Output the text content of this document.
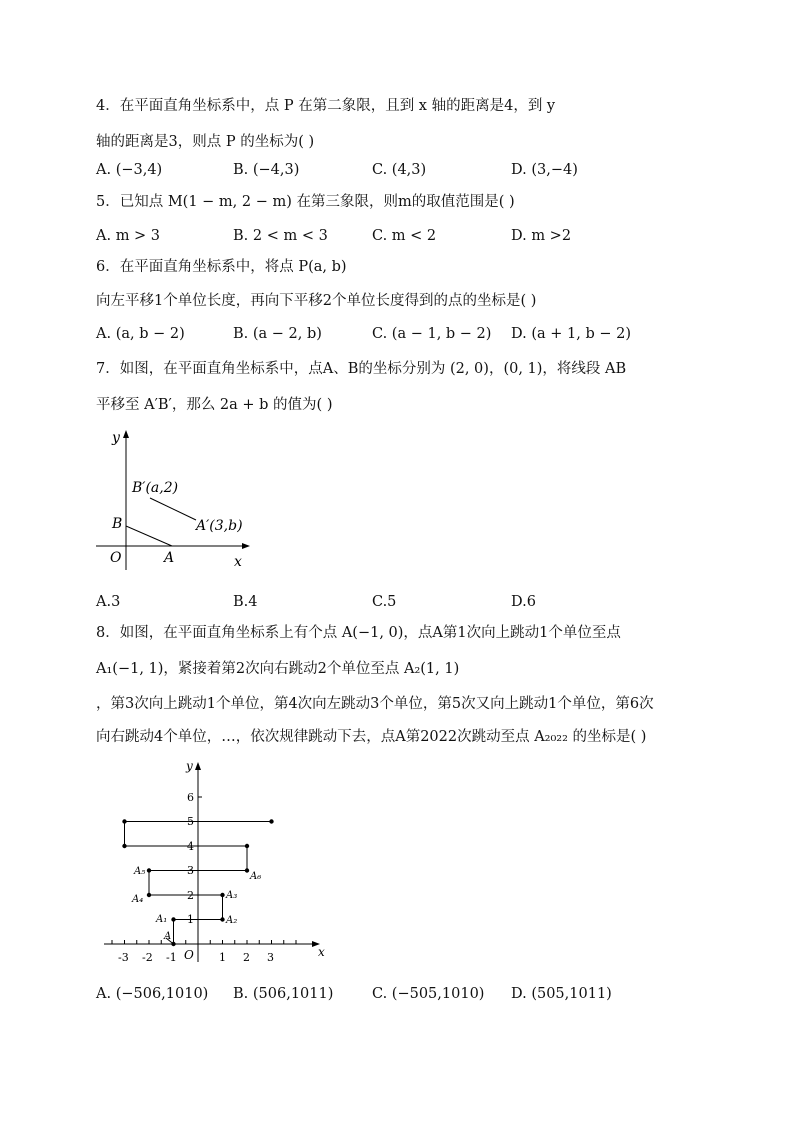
4．在平面直角坐标系中，点 P 在第二象限，且到 x 轴的距离是4，到 y
轴的距离是3，则点 P 的坐标为( )
A. (−3,4)	B. (−4,3)	C. (4,3)	D. (3,−4)
5．已知点 M(1 − m, 2 − m) 在第三象限，则m的取值范围是( )
A. m > 3	B. 2 < m < 3	C. m < 2	D. m >2
6．在平面直角坐标系中，将点 P(a, b)
向左平移1个单位长度，再向下平移2个单位长度得到的点的坐标是( )
A. (a, b − 2)	B. (a − 2, b)	C. (a − 1, b − 2) D. (a + 1, b − 2)
7．如图，在平面直角坐标系中，点A、B的坐标分别为 (2, 0)，(0, 1)，将线段 AB
平移至 A′B′，那么 2a + b 的值为( )
y
x
O	A
B
B′(a,2)
A′(3,b)
A.3	B.4	C.5	D.6
8．如图，在平面直角坐标系上有个点 A(−1, 0)，点A第1次向上跳动1个单位至点
A₁(−1, 1)，紧接着第2次向右跳动2个单位至点 A₂(1, 1)
，第3次向上跳动1个单位，第4次向左跳动3个单位，第5次又向上跳动1个单位，第6次
向右跳动4个单位，…，依次规律跳动下去，点A第2022次跳动至点 A₂₀₂₂ 的坐标是( )
y
x
O
-3 -2 -1	1 2 3
1
2
3
4
5
6
A
A₁	A₂
A₃
A₄
A₅	A₆
A. (−506,1010) B. (506,1011)	C. (−505,1010) D. (505,1011)
